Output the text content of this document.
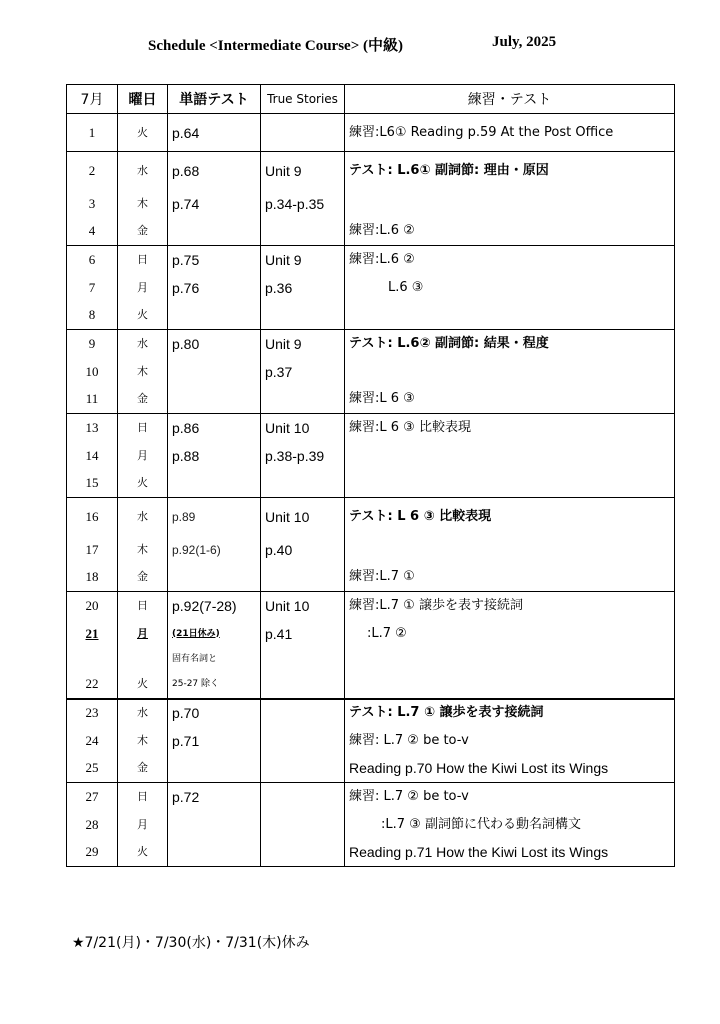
Schedule <Intermediate Course> (中級)	July, 2025
7月	曜日	単語テスト	True Stories	練習・テスト
1	火	p.64		練習:L6① Reading p.59 At the Post Office
2	水	p.68	Unit 9	テスト: L.6① 副詞節: 理由・原因
3	木	p.74	p.34-p.35	
4	金			練習:L.6 ②
6	日	p.75	Unit 9	練習:L.6 ②
7	月	p.76	p.36	L.6 ③
8	火			
9	水	p.80	Unit 9	テスト: L.6② 副詞節: 結果・程度
10	木		p.37	
11	金			練習:L 6 ③
13	日	p.86	Unit 10	練習:L 6 ③ 比較表現
14	月	p.88	p.38-p.39	
15	火			
16	水	p.89	Unit 10	テスト: L 6 ③ 比較表現
17	木	p.92(1-6)	p.40	
18	金			練習:L.7 ①
20	日	p.92(7-28)	Unit 10	練習:L.7 ① 譲歩を表す接続詞
21	月	(21日休み)	p.41	:L.7 ②
		固有名詞と		
22	火	25-27 除く		
23	水	p.70		テスト: L.7 ① 譲歩を表す接続詞
24	木	p.71		練習: L.7 ② be to-v
25	金			Reading p.70 How the Kiwi Lost its Wings
27	日	p.72		練習: L.7 ② be to-v
28	月			:L.7 ③ 副詞節に代わる動名詞構文
29	火			Reading p.71 How the Kiwi Lost its Wings
★7/21(月)・7/30(水)・7/31(木)休み
